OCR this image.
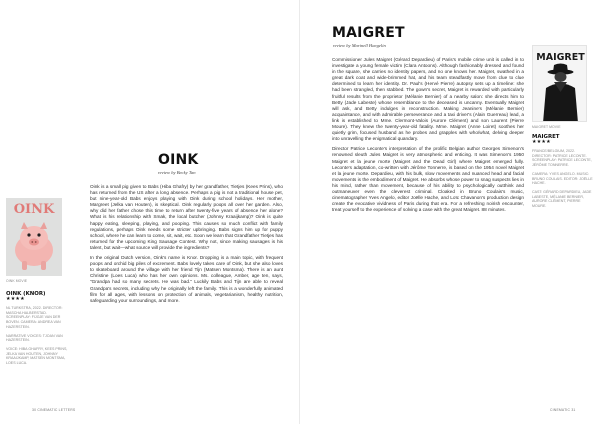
OINK
review by Becky Tan
OINK
OINK MOVIE
OINK (KNOR)
★★★★
NL TURKSTRA, 2022. DIRECTOR: MASCHA HALBERSTAD. SCREENPLAY: FIJGJE VAN DER BOVEN. CAMERA: ANDREA VAN HAZERSTEIN.
NARRATIVE VOICES: TJOAN VAN HAZERSTEIN.
VOICE: HIBA GHAFRY, KEES PRINS, JELKA VAN HOUTEN, JOHNNY KRAAIJKAMP, MATSEN MONTSMA, LOES LUCA.

Oink is a small pig given to Babs (Hiba Ghafry) by her grandfather, Tietjes (Kees Prins), who has returned from the US after a long absence. Perhaps a pig is not a traditional house pet, but nine-year-old Babs enjoys playing with Oink during school holidays. Her mother, Margreet (Jelka van Houten), is skeptical. Oink regularly poops all over her garden. Also, why did her father chose this time to return after twenty-five years of absence her alone? What is his relationship with Smak, the local butcher (Johnny Kraaijkamp)? Oink is quite happy eating, sleeping, playing, and pooping. This causes so much conflict with family regulations, perhaps Oink needs some stricter upbringing. Babs signs him up for puppy school, where he can learn to come, sit, wait, etc. Soon we learn that Grandfather Tietjes has returned for the upcoming King Sausage Contest. Why not, since making sausages is his talent, but wait—what source will provide the ingredients?

In the original Dutch version, Oink's name is Knor. Dropping is a main topic, with frequent poops and orchid big piles of excrement. Babs lovely takes care of Oink, but she also loves to skateboard around the village with her friend Tijn (Matsen Montsma). There is an aunt Christine (Loes Luca) who has her own opinions. Ms. colleague, Amber, age ten, says, "Grandpa had so many secrets. He was bad." Luckily Babs and Tijn are able to reveal Grandpa's secrets, including why he originally left the family. This is a wonderfully animated film for all ages, with lessons on protection of animals, vegetarianism, healthy nutrition, safeguarding your surroundings, and more.

30 CINEMATIC LETTERS
MAIGRET
review by Marinell Haegelin

Commissioner Jules Maigret (Gérard Depardieu) of Paris's mobile crime unit is called in to investigate a young female victim (Clara Antoons). Although fashionably dressed and found in the square, she carries no identity papers, and no one knows her. Maigret, swathed in a great dark coat and wide-brimmed hat, and his team steadfastly move from clue to clue determined to learn her identity. Dr. Paul's (Hervé Pierre) autopsy sets up a timeline: she had been strangled, then stabbed. The gown's secret, Maigret is rewarded with particularly fruitful results from the proprietor (Mélanie Bernier) of a nearby salon: she directs him to Betty (Jade Labeste) whose resemblance to the deceased is uncanny. Eventually Maigret will ask, and Betty indulges in reconstruction. Making Jeanine's (Mélanie Bernier) acquaintance, and with admirable perseverance and a taxi driver's (Alain Guerreau) lead, a link is established to Mme. Clermont-Valois (Aurore Clément) and son Laurent (Pierre Moure). They knew the twenty-year-old fatality. Mme. Maigret (Anne Loiret) soothes her quietly grim, focused husband as he probes and grapples with who/what, delving deeper into unravelling the enigmatical quandary.

Director Patrice Leconte's interpretation of the prolific Belgian author Georges Simenon's renowned sleuth Jules Maigret is very atmospheric and enticing. It was Simenon's 1950 Maigret et la jeune morte (Maigret and the Dead Girl) where Maigret emerged fully. Leconte's adaptation, co-written with Jérôme Tonnerre, is based on the 1954 novel Maigret et la jeune morte. Depardieu, with his bulk, slow movements and nuanced head and facial movements is the embodiment of Maigret. He absorbs whose power to snag suspects lies in his mind, rather than movement, because of his ability to psychologically outthink and outmaneuver even the cleverest criminal. Cloaked in Bruno Coulais's music, cinematographer Yves Angelo, editor Joëlle Hache, and Loïc Chavanon's production design create the evocative vividness of Paris during that era. For a refreshing noirish encounter, treat yourself to the experience of solving a case with the great Maigret. 88 minutes.

MAIGRET
MAIGRET MOVIE
MAIGRET
★★★★
FRANCE/BELGIUM, 2022. DIRECTOR: PATRICE LECONTE. SCREENPLAY: PATRICE LECONTE, JÉRÔME TONNERRE.
CAMERA: YVES ANGELO. MUSIC: BRUNO COULAIS. EDITOR: JOËLLE HACHE.
CAST: GÉRARD DEPARDIEU, JADE LABESTE, MÉLANIE BERNIER, AURORE CLÉMENT, PIERRE MOURE.
CINEMATIC 31
